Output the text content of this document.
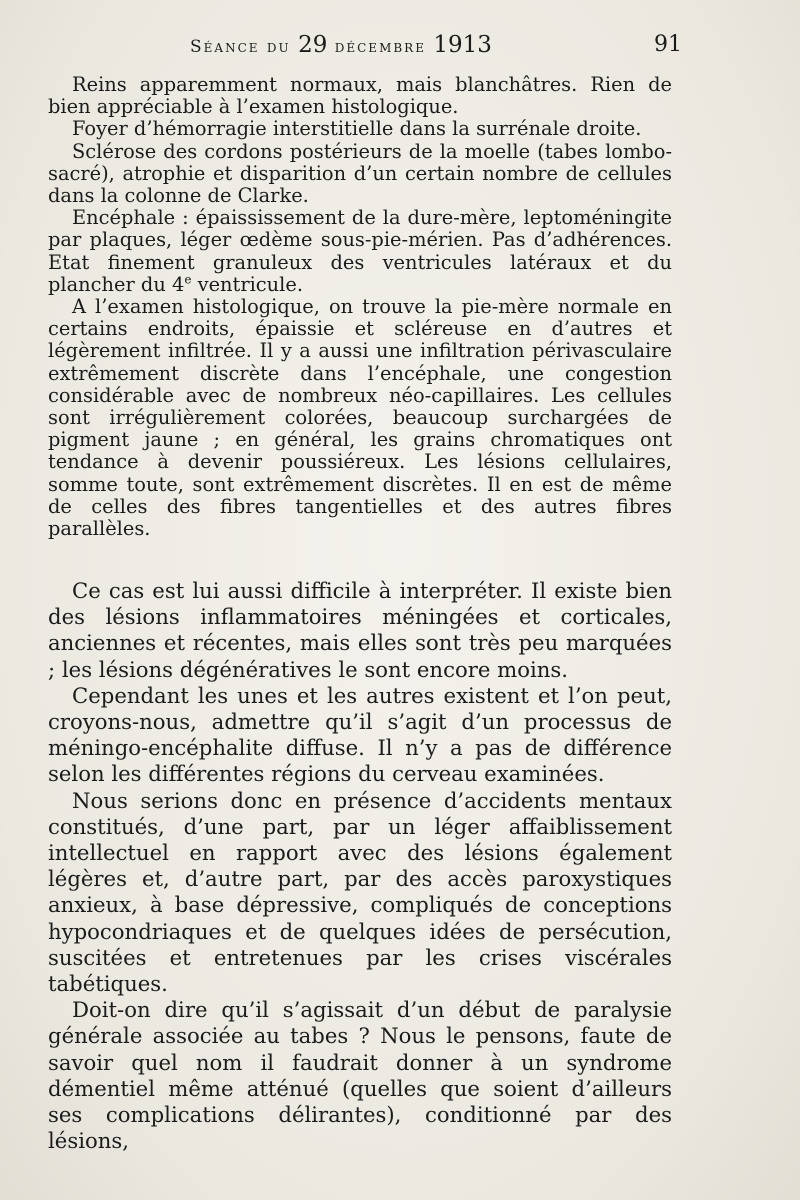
Séance du 29 décembre 1913	91

Reins apparemment normaux, mais blanchâtres. Rien de bien appréciable à l’examen histologique.

Foyer d’hémorragie interstitielle dans la surrénale droite.

Sclérose des cordons postérieurs de la moelle (tabes lombo-sacré), atrophie et disparition d’un certain nombre de cellules dans la colonne de Clarke.

Encéphale : épaississement de la dure-mère, leptoméningite par plaques, léger œdème sous-pie-mérien. Pas d’adhérences. Etat finement granuleux des ventricules latéraux et du plancher du 4e ventricule.

A l’examen histologique, on trouve la pie-mère normale en certains endroits, épaissie et scléreuse en d’autres et légèrement infiltrée. Il y a aussi une infiltration périvasculaire extrêmement discrète dans l’encéphale, une congestion considérable avec de nombreux néo-capillaires. Les cellules sont irrégulièrement colorées, beaucoup surchargées de pigment jaune ; en général, les grains chromatiques ont tendance à devenir poussiéreux. Les lésions cellulaires, somme toute, sont extrêmement discrètes. Il en est de même de celles des fibres tangentielles et des autres fibres parallèles.

Ce cas est lui aussi difficile à interpréter. Il existe bien des lésions inflammatoires méningées et corticales, anciennes et récentes, mais elles sont très peu marquées ; les lésions dégénératives le sont encore moins.

Cependant les unes et les autres existent et l’on peut, croyons-nous, admettre qu’il s’agit d’un processus de méningo-encéphalite diffuse. Il n’y a pas de différence selon les différentes régions du cerveau examinées.

Nous serions donc en présence d’accidents mentaux constitués, d’une part, par un léger affaiblissement intellectuel en rapport avec des lésions également légères et, d’autre part, par des accès paroxystiques anxieux, à base dépressive, compliqués de conceptions hypocondriaques et de quelques idées de persécution, suscitées et entretenues par les crises viscérales tabétiques.

Doit-on dire qu’il s’agissait d’un début de paralysie générale associée au tabes ? Nous le pensons, faute de savoir quel nom il faudrait donner à un syndrome démentiel même atténué (quelles que soient d’ailleurs ses complications délirantes), conditionné par des lésions,
